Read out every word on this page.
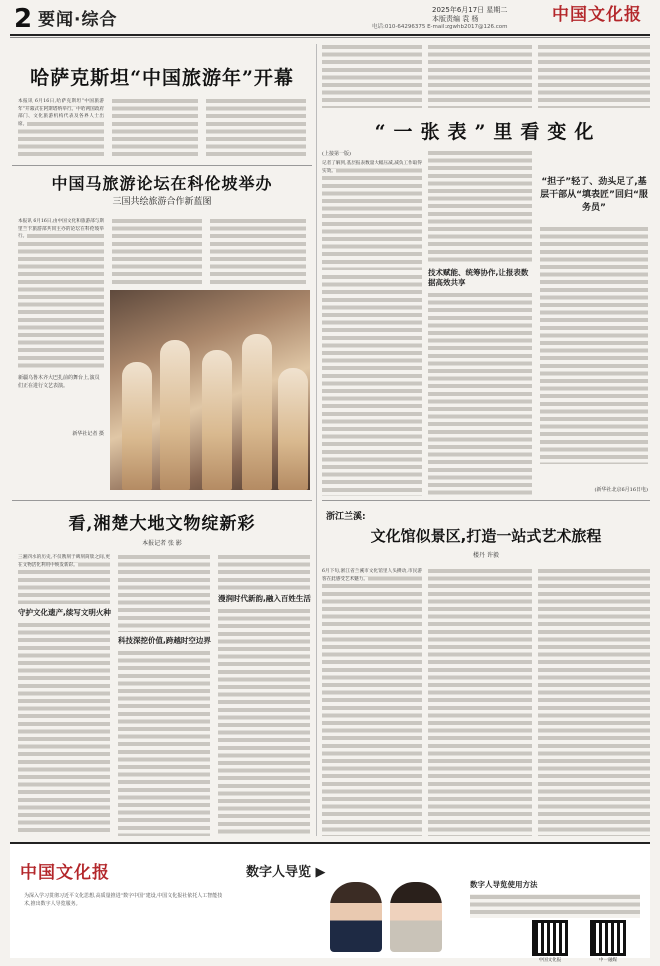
2 要闻·综合	2025年6月17日 星期二
本版责编 袁 杨	中国文化报
电话:010-64296375 E-mail:zgwhb2017@126.com
哈萨克斯坦“中国旅游年”开幕
本报讯 6月16日,哈萨克斯坦“中国旅游年”开幕式在阿斯塔纳举行。中哈两国政府部门、文化旅游机构代表及各界人士出席。
中国马旅游论坛在科伦坡举办
三国共绘旅游合作新蓝图
本报讯 6月16日,由中国文化和旅游部与斯里兰卡旅游部共同主办的论坛在科伦坡举行。
新疆乌鲁木齐大巴扎前的舞台上,演员们正在进行文艺表演。
新华社记者 摄
看,湘楚大地文物绽新彩
本报记者 张 影
三湘四水的历史,不仅镌刻于碑刻简牍之间,更在文物活化利用中焕发新彩。
守护文化遗产,续写文明火种
科技深挖价值,跨越时空边界
漫润时代新韵,融入百姓生活
“一张表”里看变化
(上接第一版)
记者了解到,基层报表数量大幅压减,减负工作取得实效。
技术赋能、统筹协作,让报表数据高效共享
“担子”轻了、劲头足了,基层干部从“填表匠”回归“服务员”
(新华社北京6月16日电)
浙江兰溪:
文化馆似景区,打造一站式艺术旅程
楼丹 许毅
6月下旬,浙江省兰溪市文化馆里人头攒动,市民游客在此感受艺术魅力。
中国文化报	数字人导览 ▶
为深入学习贯彻习近平文化思想,高质量推进“数字中国”建设,中国文化报社依托人工智能技术,推出数字人导览服务。
数字人导览使用方法
中国文化报	中一融媒
